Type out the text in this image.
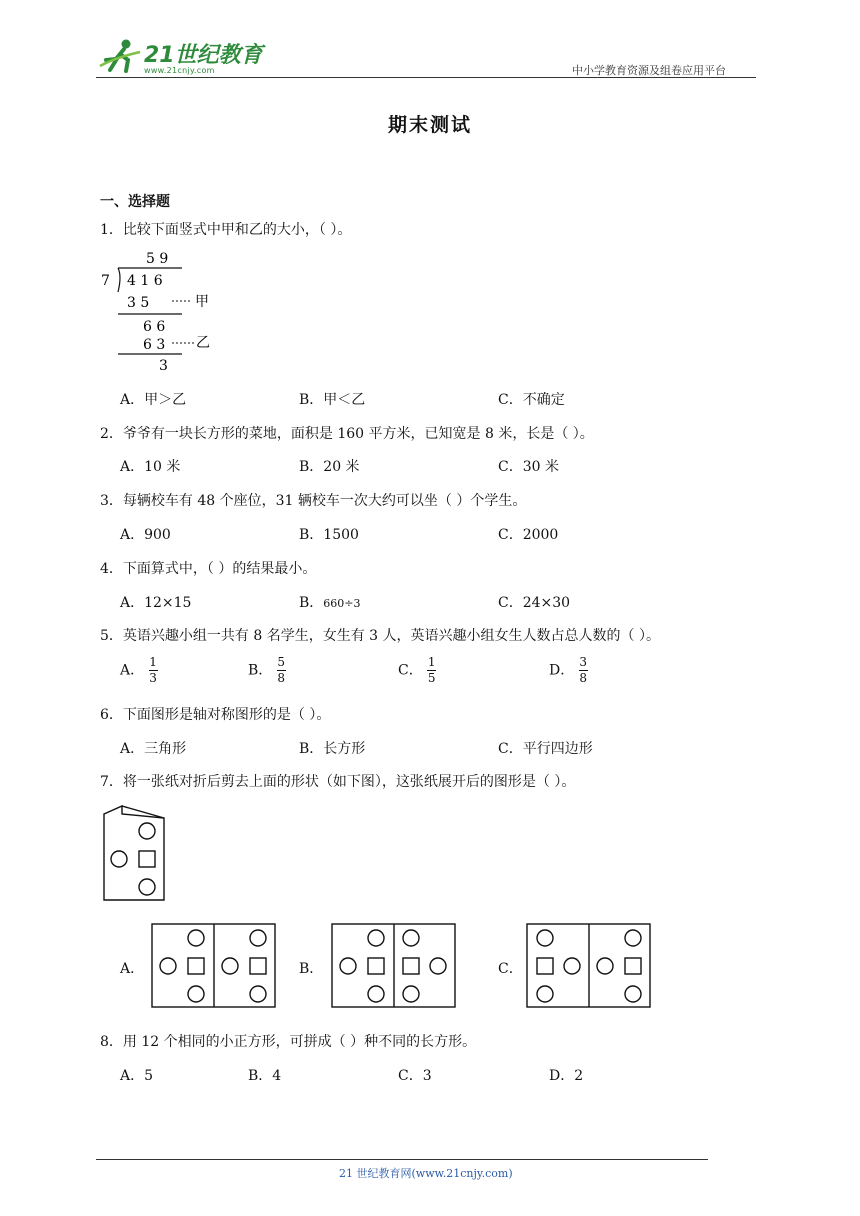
21世纪教育
www.21cnjy.com	中小学教育资源及组卷应用平台
期末测试
一、选择题
1．比较下面竖式中甲和乙的大小，（ ）。
5 9
7 4 1 6
3 5	甲
6 6
6 3 乙
3
A．甲＞乙	B．甲＜乙	C．不确定
2．爷爷有一块长方形的菜地，面积是 160 平方米，已知宽是 8 米，长是（ ）。
A．10 米	B．20 米	C．30 米
3．每辆校车有 48 个座位，31 辆校车一次大约可以坐（ ）个学生。
A．900	B．1500	C．2000
4．下面算式中，（ ）的结果最小。
A．12×15	B．660÷3	C．24×30
5．英语兴趣小组一共有 8 名学生，女生有 3 人，英语兴趣小组女生人数占总人数的（ ）。
A． $\frac{1}{3}$	B． $\frac{5}{8}$	C． $\frac{1}{5}$	D． $\frac{3}{8}$
6．下面图形是轴对称图形的是（ ）。
A．三角形	B．长方形	C．平行四边形
7．将一张纸对折后剪去上面的形状（如下图），这张纸展开后的图形是（ ）。
A．	B．	C．
8．用 12 个相同的小正方形，可拼成（ ）种不同的长方形。
A．5	B．4	C．3	D．2
21 世纪教育网(www.21cnjy.com)
